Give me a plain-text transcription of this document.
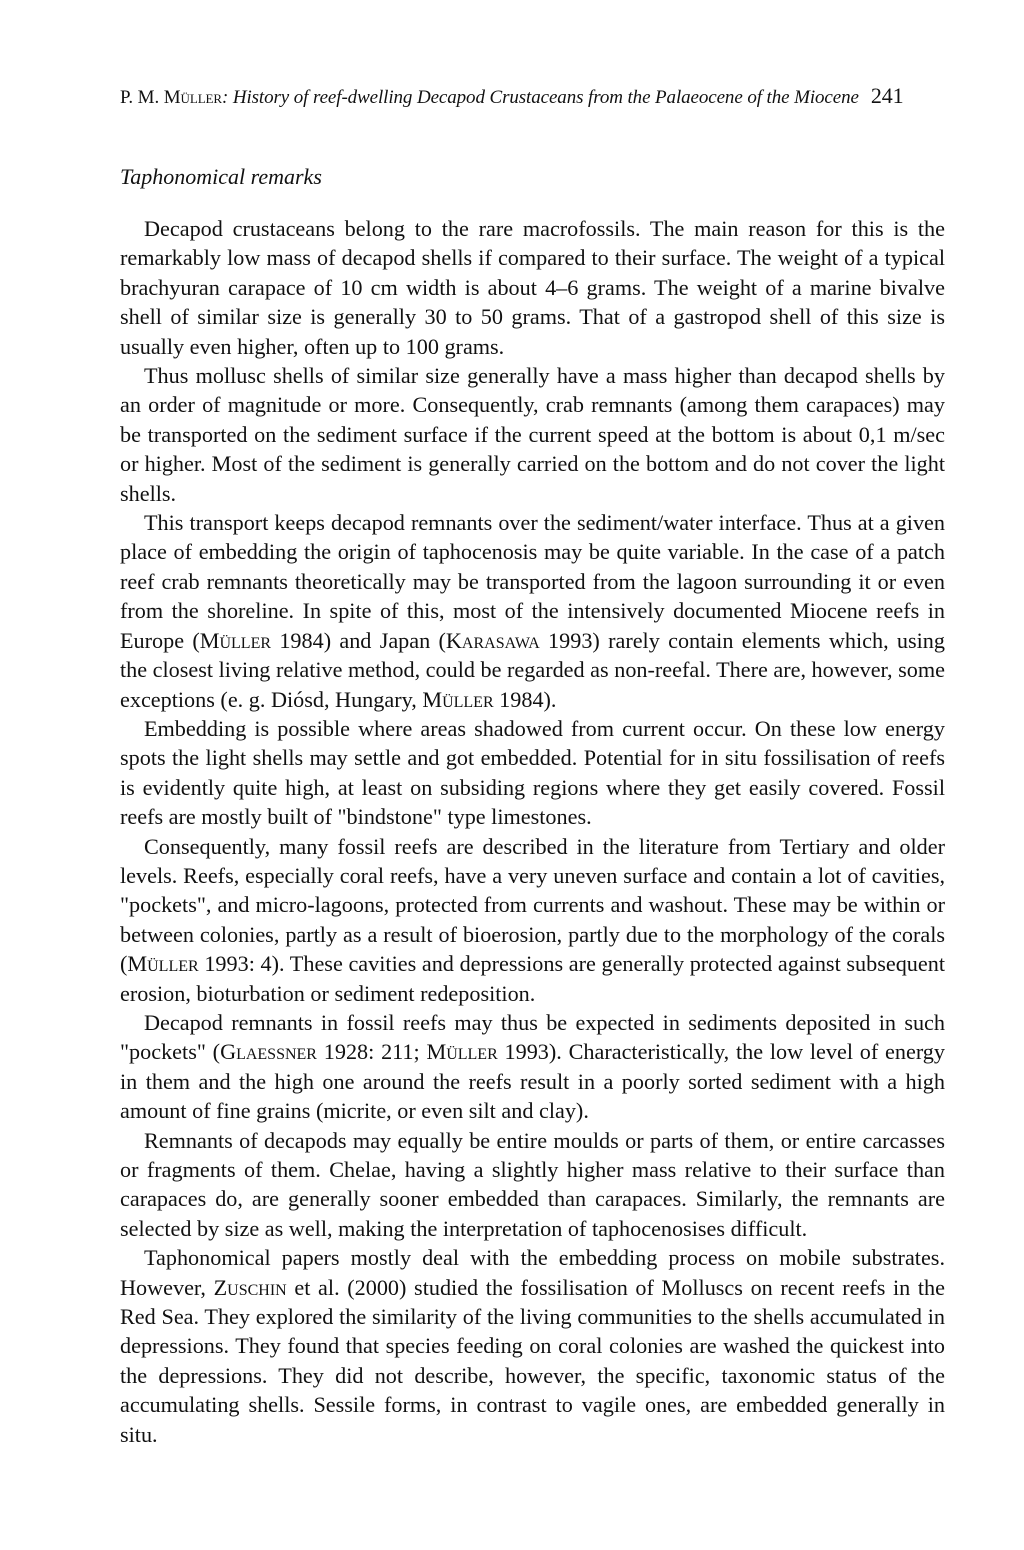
P. M.
Müller : History of reef-dwelling Decapod Crustaceans from the Palaeocene of the Miocene 241
Taphonomical remarks

Decapod crustaceans belong to the rare macrofossils. The main reason for this is the remarkably low mass of decapod shells if compared to their surface. The weight of a typical brachyuran carapace of 10 cm width is about 4–6 grams. The weight of a marine bivalve shell of similar size is generally 30 to 50 grams. That of a gastropod shell of this size is usually even higher, often up to 100 grams.

Thus mollusc shells of similar size generally have a mass higher than decapod shells by an order of magnitude or more. Consequently, crab remnants (among them carapaces) may be transported on the sediment surface if the current speed at the bottom is about 0,1 m/sec or higher. Most of the sediment is generally carried on the bottom and do not cover the light shells.

This transport keeps decapod remnants over the sediment/water interface. Thus at a given place of embedding the origin of taphocenosis may be quite variable. In the case of a patch reef crab remnants theoretically may be transported from the lagoon surrounding it or even from the shoreline. In spite of this, most of the intensively documented Miocene reefs in Europe (Müller 1984) and Japan (Karasawa 1993) rarely contain elements which, using the closest living relative method, could be regarded as non-reefal. There are, however, some exceptions (e. g. Diósd, Hungary, Müller 1984).

Embedding is possible where areas shadowed from current occur. On these low energy spots the light shells may settle and got embedded. Potential for in situ fossilisation of reefs is evidently quite high, at least on subsiding regions where they get easily covered. Fossil reefs are mostly built of "bindstone" type limestones.

Consequently, many fossil reefs are described in the literature from Tertiary and older levels. Reefs, especially coral reefs, have a very uneven surface and contain a lot of cavities, "pockets", and micro-lagoons, protected from currents and washout. These may be within or between colonies, partly as a result of bioerosion, partly due to the morphology of the corals (Müller 1993: 4). These cavities and depressions are generally protected against subsequent erosion, bioturbation or sediment redeposition.

Decapod remnants in fossil reefs may thus be expected in sediments deposited in such "pockets" (Glaessner 1928: 211; Müller 1993). Characteristically, the low level of energy in them and the high one around the reefs result in a poorly sorted sediment with a high amount of fine grains (micrite, or even silt and clay).

Remnants of decapods may equally be entire moulds or parts of them, or entire carcasses or fragments of them. Chelae, having a slightly higher mass relative to their surface than carapaces do, are generally sooner embedded than carapaces. Similarly, the remnants are selected by size as well, making the interpretation of taphocenosises difficult.

Taphonomical papers mostly deal with the embedding process on mobile substrates. However, Zuschin et al. (2000) studied the fossilisation of Molluscs on recent reefs in the Red Sea. They explored the similarity of the living communities to the shells accumulated in depressions. They found that species feeding on coral colonies are washed the quickest into the depressions. They did not describe, however, the specific, taxonomic status of the accumulating shells. Sessile forms, in contrast to vagile ones, are embedded generally in situ.
